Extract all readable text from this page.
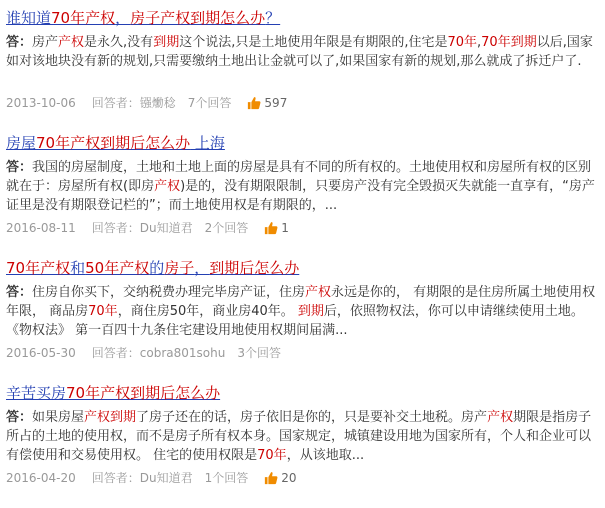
谁知道70年产权，房子产权到期怎么办？
答：房产产权是永久,没有到期这个说法,只是土地使用年限是有期限的,住宅是70年,70年到期以后,国家如对该地块没有新的规划,只需要缴纳土地出让金就可以了,如果国家有新的规划,那么就成了拆迁户了.
2013-10-06 回答者： 镪爋稔 7个回答	597
房屋70年产权到期后怎么办 上海
答：我国的房屋制度，土地和土地上面的房屋是具有不同的所有权的。土地使用权和房屋所有权的区别就在于：房屋所有权(即房产权)是的，没有期限限制，只要房产没有完全毁损灭失就能一直享有，“房产证里是没有期限登记栏的”；而土地使用权是有期限的，...
2016-08-11 回答者： Du知道君 2个回答	1
70年产权和50年产权的房子，到期后怎么办
答：住房自你买下，交纳税费办理完毕房产证，住房产权永远是你的， 有期限的是住房所属土地使用权年限， 商品房70年，商住房50年，商业房40年。 到期后，依照物权法，你可以申请继续使用土地。《物权法》 第一百四十九条住宅建设用地使用权期间届满...
2016-05-30 回答者： cobra801sohu 3个回答
辛苦买房70年产权到期后怎么办
答：如果房屋产权到期了房子还在的话，房子依旧是你的，只是要补交土地税。房产产权期限是指房子所占的土地的使用权，而不是房子所有权本身。国家规定，城镇建设用地为国家所有，个人和企业可以有偿使用和交易使用权。 住宅的使用权限是70年，从该地取...
2016-04-20 回答者： Du知道君 1个回答	20
